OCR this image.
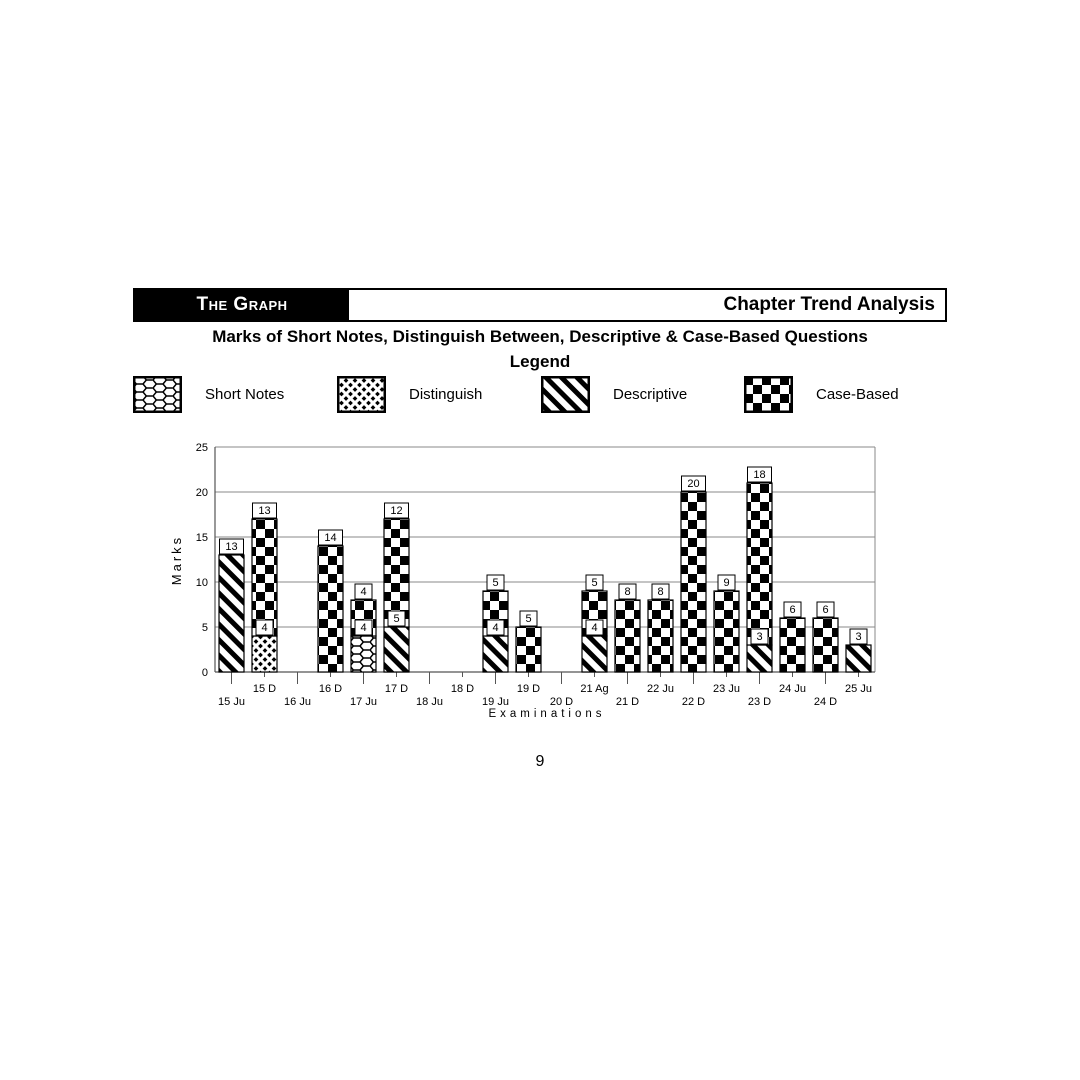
The Graph	Chapter Trend Analysis
Marks of Short Notes, Distinguish Between, Descriptive & Case-Based Questions
Legend
Short Notes	Distinguish	Descriptive	Case-Based
0
5
10
15
20
25
15 Ju
15 D
16 Ju
16 D
17 Ju
17 D
18 Ju
18 D
19 Ju
19 D
20 D
21 Ag
21 D
22 Ju
22 D
23 Ju
23 D
24 Ju
24 D
25 Ju
Examinations
Marks	13
4
13
14
4
4
5
12
4
5
5
4
5
8 8
20
9
3
18
6 6
3
9
